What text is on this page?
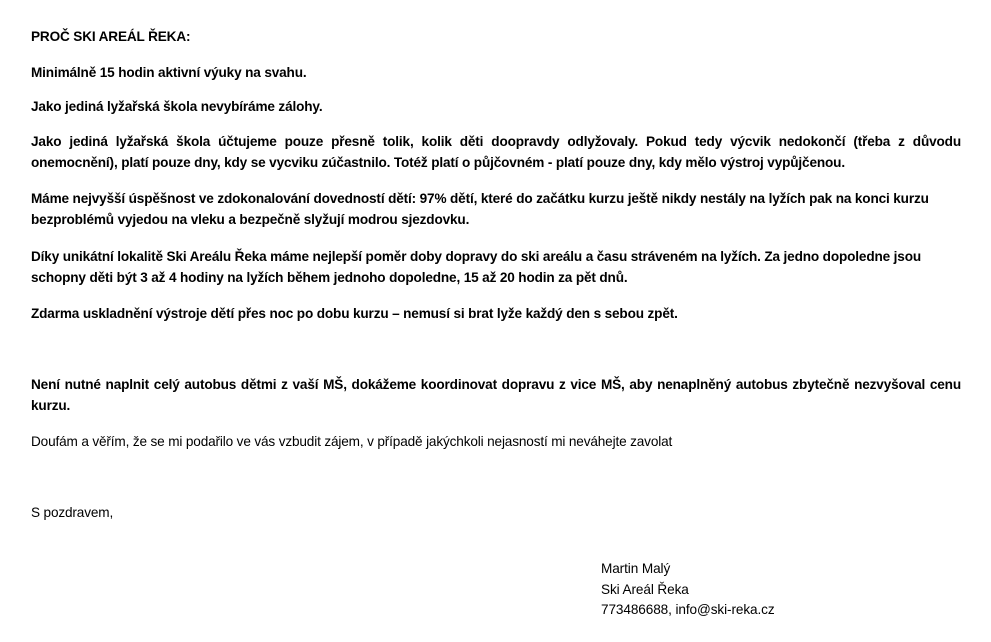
PROČ SKI AREÁL ŘEKA:

Minimálně 15 hodin aktivní výuky na svahu.

Jako jediná lyžařská škola nevybíráme zálohy.

Jako jediná lyžařská škola účtujeme pouze přesně tolik, kolik děti doopravdy odlyžovaly. Pokud tedy výcvik nedokončí (třeba z důvodu onemocnění), platí pouze dny, kdy se vycviku zúčastnilo. Totéž platí o půjčovném - platí pouze dny, kdy mělo výstroj vypůjčenou.

Máme nejvyšší úspěšnost ve zdokonalování dovedností dětí: 97% dětí, které do začátku kurzu ještě nikdy nestály na lyžích pak na konci kurzu bezproblémů vyjedou na vleku a bezpečně slyžují modrou sjezdovku.

Díky unikátní lokalitě Ski Areálu Řeka máme nejlepší poměr doby dopravy do ski areálu a času stráveném na lyžích. Za jedno dopoledne jsou schopny děti být 3 až 4 hodiny na lyžích během jednoho dopoledne, 15 až 20 hodin za pět dnů.

Zdarma uskladnění výstroje dětí přes noc po dobu kurzu – nemusí si brat lyže každý den s sebou zpět.

Není nutné naplnit celý autobus dětmi z vaší MŠ, dokážeme koordinovat dopravu z vice MŠ, aby nenaplněný autobus zbytečně nezvyšoval cenu kurzu.

Doufám a věřím, že se mi podařilo ve vás vzbudit zájem, v případě jakýchkoli nejasností mi neváhejte zavolat

S pozdravem,

Martin Malý
Ski Areál Řeka
773486688, info@ski-reka.cz
